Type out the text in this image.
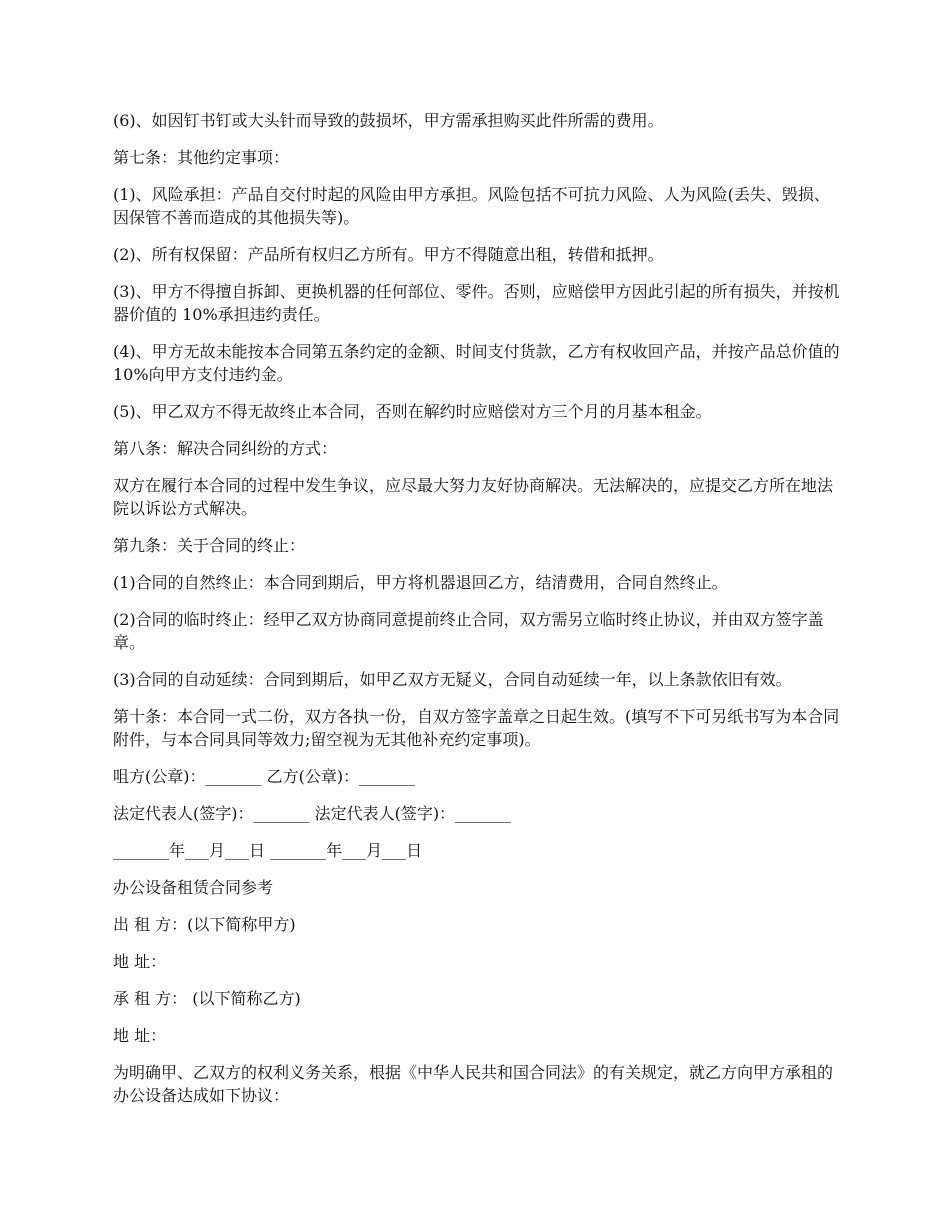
(6)、如因钉书钉或大头针而导致的鼓损坏，甲方需承担购买此件所需的费用。

第七条：其他约定事项：

(1)、风险承担：产品自交付时起的风险由甲方承担。风险包括不可抗力风险、人为风险(丢失、毁损、因保管不善而造成的其他损失等)。

(2)、所有权保留：产品所有权归乙方所有。甲方不得随意出租，转借和抵押。

(3)、甲方不得擅自拆卸、更换机器的任何部位、零件。否则，应赔偿甲方因此引起的所有损失，并按机器价值的 10%承担违约责任。

(4)、甲方无故未能按本合同第五条约定的金额、时间支付货款，乙方有权收回产品，并按产品总价值的 10%向甲方支付违约金。

(5)、甲乙双方不得无故终止本合同，否则在解约时应赔偿对方三个月的月基本租金。

第八条：解决合同纠纷的方式：

双方在履行本合同的过程中发生争议，应尽最大努力友好协商解决。无法解决的，应提交乙方所在地法院以诉讼方式解决。

第九条：关于合同的终止：

(1)合同的自然终止：本合同到期后，甲方将机器退回乙方，结清费用，合同自然终止。

(2)合同的临时终止：经甲乙双方协商同意提前终止合同，双方需另立临时终止协议，并由双方签字盖章。

(3)合同的自动延续：合同到期后，如甲乙双方无疑义，合同自动延续一年，以上条款依旧有效。

第十条：本合同一式二份，双方各执一份，自双方签字盖章之日起生效。(填写不下可另纸书写为本合同附件，与本合同具同等效力;留空视为无其他补充约定事项)。

咀方(公章)：_______ 乙方(公章)：_______

法定代表人(签字)：_______ 法定代表人(签字)：_______

_______年___月___日 _______年___月___日

办公设备租赁合同参考

出 租 方：(以下简称甲方)

地 址：

承 租 方： (以下简称乙方)

地 址：

为明确甲、乙双方的权利义务关系，根据《中华人民共和国合同法》的有关规定，就乙方向甲方承租的办公设备达成如下协议：
